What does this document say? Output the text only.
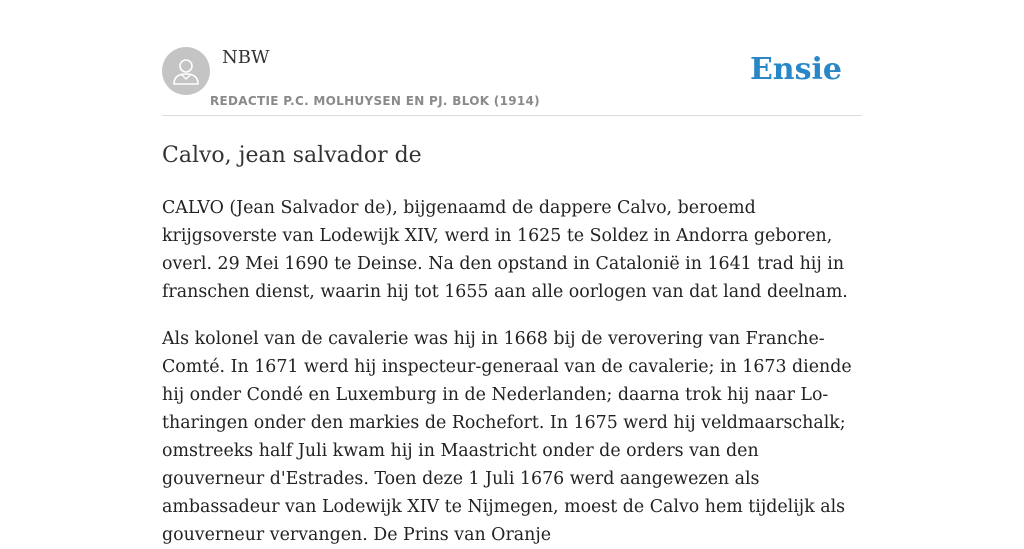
NBW
REDACTIE P.C. MOLHUYSEN EN PJ. BLOK (1914)
Ensie
Calvo, jean salvador de

CALVO (Jean Salvador de), bijgenaamd de dappere Calvo, beroemd krijgsoverste van Lodewijk XIV, werd in 1625 te Soldez in Andorra geboren, overl. 29 Mei 1690 te Deinse. Na den opstand in Catalonië in 1641 trad hij in franschen dienst, waarin hij tot 1655 aan alle oorlogen van dat land deelnam.

Als kolonel van de cavalerie was hij in 1668 bij de verovering van Franche-Comté. In 1671 werd hij inspecteur-generaal van de cavalerie; in 1673 diende hij onder Condé en Luxemburg in de Nederlanden; daarna trok hij naar Lo- tharingen onder den markies de Rochefort. In 1675 werd hij veldmaarschalk; omstreeks half Juli kwam hij in Maastricht onder de orders van den gouverneur d'Estrades. Toen deze 1 Juli 1676 werd aangewezen als ambassadeur van Lodewijk XIV te Nijmegen, moest de Calvo hem tijdelijk als gouverneur vervangen. De Prins van Oranje
